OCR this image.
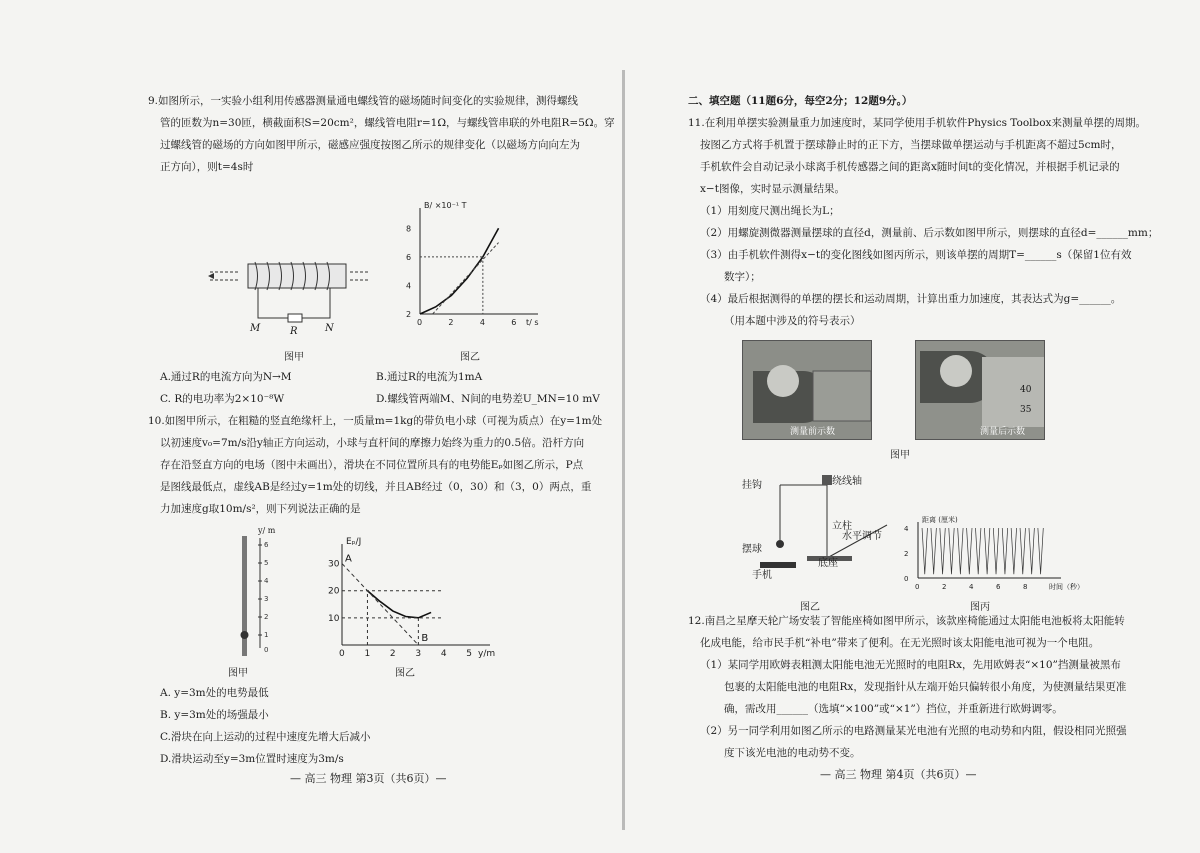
9.如图所示，一实验小组利用传感器测量通电螺线管的磁场随时间变化的实验规律，测得螺线
管的匝数为n=30匝，横截面积S=20cm²，螺线管电阻r=1Ω，与螺线管串联的外电阻R=5Ω。穿
过螺线管的磁场的方向如图甲所示，磁感应强度按图乙所示的规律变化（以磁场方向向左为
正方向），则t=4s时
M	R	N
图甲
0	2	4	6
2
4
6
8
B/ ×10⁻¹ T
t/ s
图乙
A.通过R的电流方向为N→M	B.通过R的电流为1mA
C. R的电功率为2×10⁻⁸W	D.螺线管两端M、N间的电势差U_MN=10 mV
10.如图甲所示，在粗糙的竖直绝缘杆上，一质量m=1kg的带负电小球（可视为质点）在y=1m处
以初速度v₀=7m/s沿y轴正方向运动，小球与直杆间的摩擦力始终为重力的0.5倍。沿杆方向
存在沿竖直方向的电场（图中未画出），滑块在不同位置所具有的电势能Eₚ如图乙所示，P点
是图线最低点，虚线AB是经过y=1m处的切线，并且AB经过（0，30）和（3，0）两点，重
力加速度g取10m/s²，则下列说法正确的是
6
5
4
3
2
1
0
y/ m
图甲
0 1 2 3 4 5
10
20
30
Eₚ/J
y/m
A
B
图乙
A. y=3m处的电势最低
B. y=3m处的场强最小
C.滑块在向上运动的过程中速度先增大后减小
D.滑块运动至y=3m位置时速度为3m/s
— 高三 物理 第3页（共6页）—
二、填空题（11题6分，每空2分；12题9分。）
11.在利用单摆实验测量重力加速度时，某同学使用手机软件Physics Toolbox来测量单摆的周期。
按图乙方式将手机置于摆球静止时的正下方，当摆球做单摆运动与手机距离不超过5cm时，
手机软件会自动记录小球离手机传感器之间的距离x随时间t的变化情况，并根据手机记录的
x−t图像，实时显示测量结果。
（1）用刻度尺测出绳长为L；
（2）用螺旋测微器测量摆球的直径d，测量前、后示数如图甲所示，则摆球的直径d=______mm；
（3）由手机软件测得x−t的变化图线如图丙所示，则该单摆的周期T=______s（保留1位有效
数字）；
（4）最后根据测得的单摆的摆长和运动周期，计算出重力加速度，其表达式为g=______。
（用本题中涉及的符号表示）
测量前示数
40
35
测量后示数
图甲
挂钩	绕线轴
立柱
水平调节
摆球
手机
底座
图乙
0	2	4	6	8
0
2
4
距离 (厘米)
时间（秒）
图丙
12.南昌之星摩天轮广场安装了智能座椅如图甲所示，该款座椅能通过太阳能电池板将太阳能转
化成电能，给市民手机“补电”带来了便利。在无光照时该太阳能电池可视为一个电阻。
（1）某同学用欧姆表粗测太阳能电池无光照时的电阻Rx，先用欧姆表“×10”挡测量被黑布
包裹的太阳能电池的电阻Rx，发现指针从左端开始只偏转很小角度，为使测量结果更准
确，需改用______（选填“×100”或“×1”）挡位，并重新进行欧姆调零。
（2）另一同学利用如图乙所示的电路测量某光电池有光照的电动势和内阻，假设相同光照强
度下该光电池的电动势不变。
— 高三 物理 第4页（共6页）—
